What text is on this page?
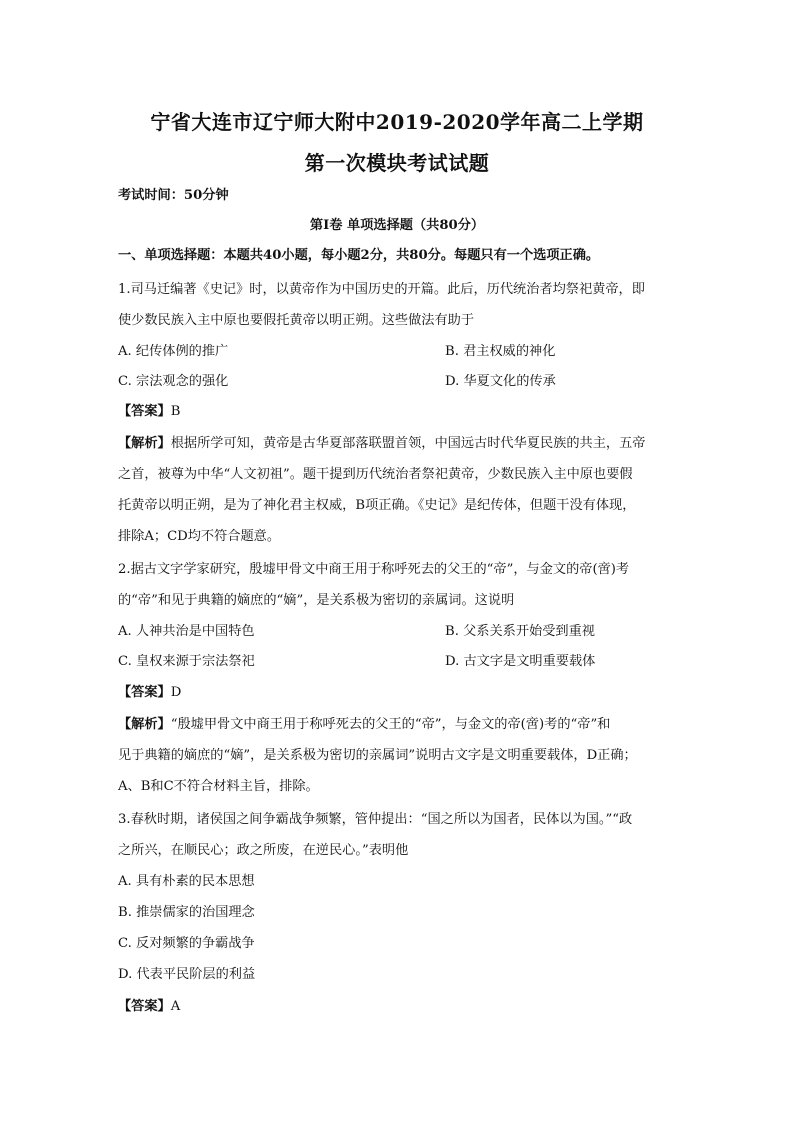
宁省大连市辽宁师大附中2019-2020学年高二上学期
第一次模块考试试题
考试时间：50分钟
第Ⅰ卷 单项选择题（共80分）
一、单项选择题：本题共40小题，每小题2分，共80分。每题只有一个选项正确。
1.司马迁编著《史记》时，以黄帝作为中国历史的开篇。此后，历代统治者均祭祀黄帝，即
使少数民族入主中原也要假托黄帝以明正朔。这些做法有助于
A. 纪传体例的推广	B. 君主权威的神化
C. 宗法观念的强化	D. 华夏文化的传承
【答案】B
【解析】根据所学可知，黄帝是古华夏部落联盟首领，中国远古时代华夏民族的共主，五帝
之首，被尊为中华“人文初祖”。题干提到历代统治者祭祀黄帝，少数民族入主中原也要假
托黄帝以明正朔，是为了神化君主权威，B项正确。《史记》是纪传体，但题干没有体现，
排除A；CD均不符合题意。
2.据古文字学家研究，殷墟甲骨文中商王用于称呼死去的父王的“帝”，与金文的帝(啻)考
的“帝”和见于典籍的嫡庶的“嫡”，是关系极为密切的亲属词。这说明
A. 人神共治是中国特色	B. 父系关系开始受到重视
C. 皇权来源于宗法祭祀	D. 古文字是文明重要载体
【答案】D
【解析】“殷墟甲骨文中商王用于称呼死去的父王的“帝”，与金文的帝(啻)考的“帝”和
见于典籍的嫡庶的“嫡”，是关系极为密切的亲属词”说明古文字是文明重要载体，D正确；
A、B和C不符合材料主旨，排除。
3.春秋时期，诸侯国之间争霸战争频繁，管仲提出：“国之所以为国者，民体以为国。”“政
之所兴，在顺民心；政之所废，在逆民心。”表明他
A. 具有朴素的民本思想
B. 推崇儒家的治国理念
C. 反对频繁的争霸战争
D. 代表平民阶层的利益
【答案】A
